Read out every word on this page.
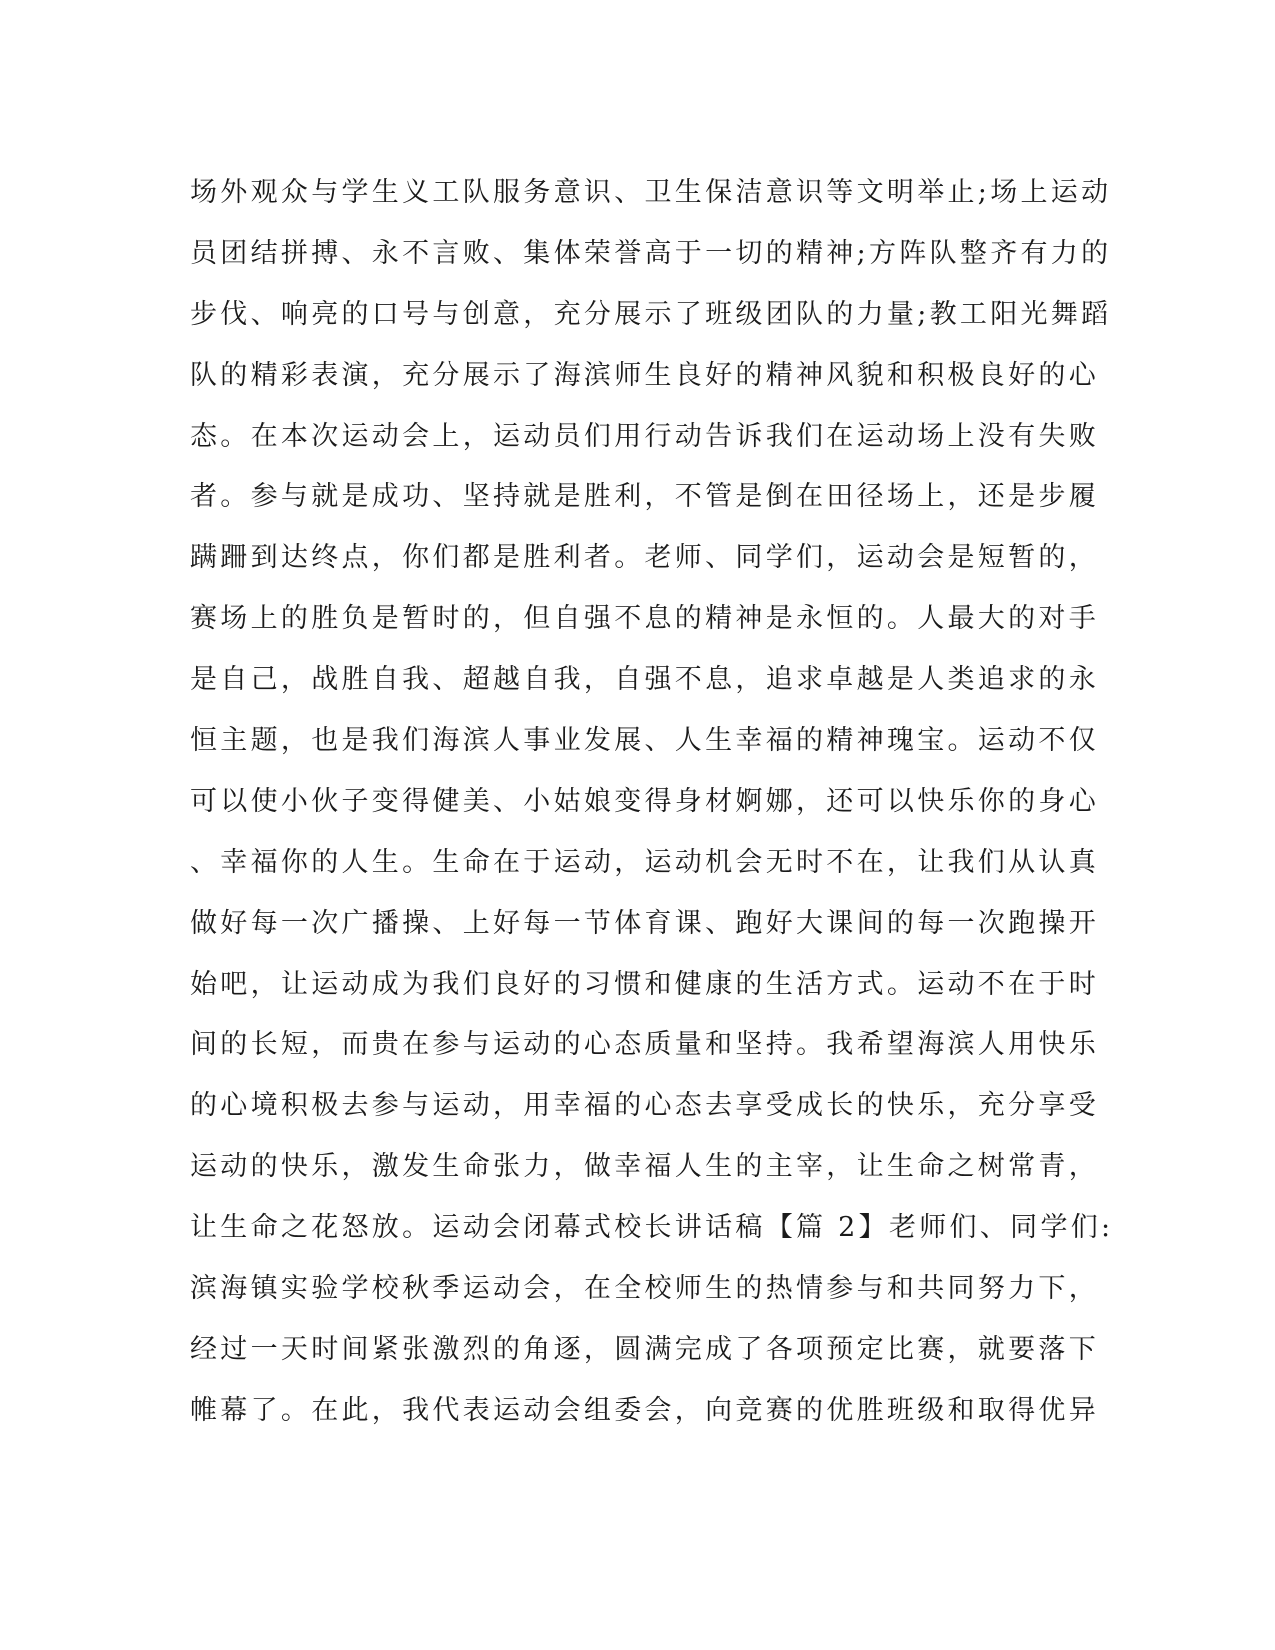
场外观众与学生义工队服务意识、卫生保洁意识等文明举止;场上运动
员团结拼搏、永不言败、集体荣誉高于一切的精神;方阵队整齐有力的
步伐、响亮的口号与创意，充分展示了班级团队的力量;教工阳光舞蹈
队的精彩表演，充分展示了海滨师生良好的精神风貌和积极良好的心
态。在本次运动会上，运动员们用行动告诉我们在运动场上没有失败
者。参与就是成功、坚持就是胜利，不管是倒在田径场上，还是步履
蹒跚到达终点，你们都是胜利者。老师、同学们，运动会是短暂的，
赛场上的胜负是暂时的，但自强不息的精神是永恒的。人最大的对手
是自己，战胜自我、超越自我，自强不息，追求卓越是人类追求的永
恒主题，也是我们海滨人事业发展、人生幸福的精神瑰宝。运动不仅
可以使小伙子变得健美、小姑娘变得身材婀娜，还可以快乐你的身心
、幸福你的人生。生命在于运动，运动机会无时不在，让我们从认真
做好每一次广播操、上好每一节体育课、跑好大课间的每一次跑操开
始吧，让运动成为我们良好的习惯和健康的生活方式。运动不在于时
间的长短，而贵在参与运动的心态质量和坚持。我希望海滨人用快乐
的心境积极去参与运动，用幸福的心态去享受成长的快乐，充分享受
运动的快乐，激发生命张力，做幸福人生的主宰，让生命之树常青，
让生命之花怒放。运动会闭幕式校长讲话稿【篇 2】老师们、同学们:
滨海镇实验学校秋季运动会，在全校师生的热情参与和共同努力下，
经过一天时间紧张激烈的角逐，圆满完成了各项预定比赛，就要落下
帷幕了。在此，我代表运动会组委会，向竞赛的优胜班级和取得优异
